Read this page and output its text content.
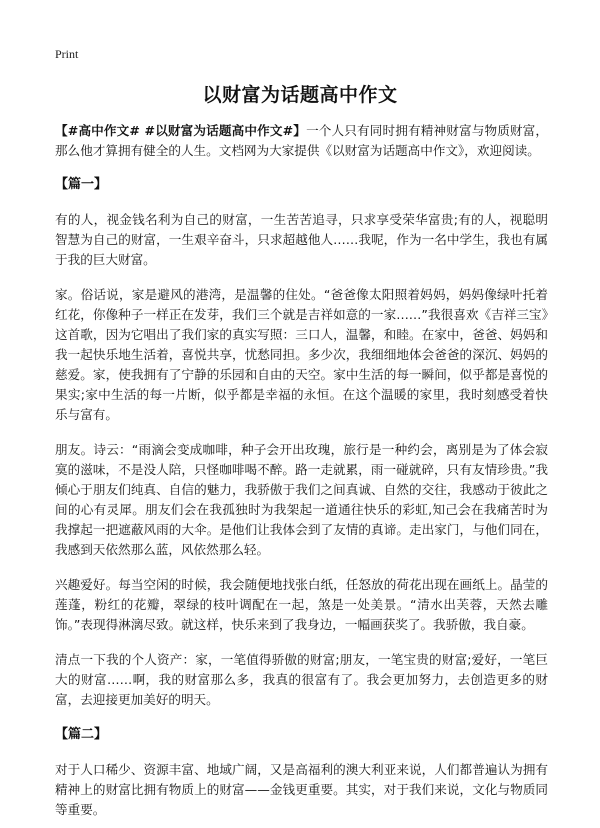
Print
以财富为话题高中作文

【#高中作文# #以财富为话题高中作文#】一个人只有同时拥有精神财富与物质财富，那么他才算拥有健全的人生。文档网为大家提供《以财富为话题高中作文》，欢迎阅读。

【篇一】

有的人，视金钱名利为自己的财富，一生苦苦追寻，只求享受荣华富贵;有的人，视聪明智慧为自己的财富，一生艰辛奋斗，只求超越他人……我呢，作为一名中学生，我也有属于我的巨大财富。

家。俗话说，家是避风的港湾，是温馨的住处。“爸爸像太阳照着妈妈，妈妈像绿叶托着红花，你像种子一样正在发芽，我们三个就是吉祥如意的一家……”我很喜欢《吉祥三宝》这首歌，因为它唱出了我们家的真实写照：三口人，温馨，和睦。在家中，爸爸、妈妈和我一起快乐地生活着，喜悦共享，忧愁同担。多少次，我细细地体会爸爸的深沉、妈妈的慈爱。家，使我拥有了宁静的乐园和自由的天空。家中生活的每一瞬间，似乎都是喜悦的果实;家中生活的每一片断，似乎都是幸福的永恒。在这个温暖的家里，我时刻感受着快乐与富有。

朋友。诗云：“雨滴会变成咖啡，种子会开出玫瑰，旅行是一种约会，离别是为了体会寂寞的滋味，不是没人陪，只怪咖啡喝不醉。路一走就累，雨一碰就碎，只有友情珍贵。”我倾心于朋友们纯真、自信的魅力，我骄傲于我们之间真诚、自然的交往，我感动于彼此之间的心有灵犀。朋友们会在我孤独时为我架起一道通往快乐的彩虹,知己会在我痛苦时为我撑起一把遮蔽风雨的大伞。是他们让我体会到了友情的真谛。走出家门，与他们同在，我感到天依然那么蓝，风依然那么轻。

兴趣爱好。每当空闲的时候，我会随便地找张白纸，任怒放的荷花出现在画纸上。晶莹的莲蓬，粉红的花瓣，翠绿的枝叶调配在一起，煞是一处美景。“清水出芙蓉，天然去雕饰。”表现得淋漓尽致。就这样，快乐来到了我身边，一幅画获奖了。我骄傲，我自豪。

清点一下我的个人资产：家，一笔值得骄傲的财富;朋友，一笔宝贵的财富;爱好，一笔巨大的财富……啊，我的财富那么多，我真的很富有了。我会更加努力，去创造更多的财富，去迎接更加美好的明天。

【篇二】

对于人口稀少、资源丰富、地域广阔，又是高福利的澳大利亚来说，人们都普遍认为拥有精神上的财富比拥有物质上的财富——金钱更重要。其实，对于我们来说，文化与物质同等重要。
